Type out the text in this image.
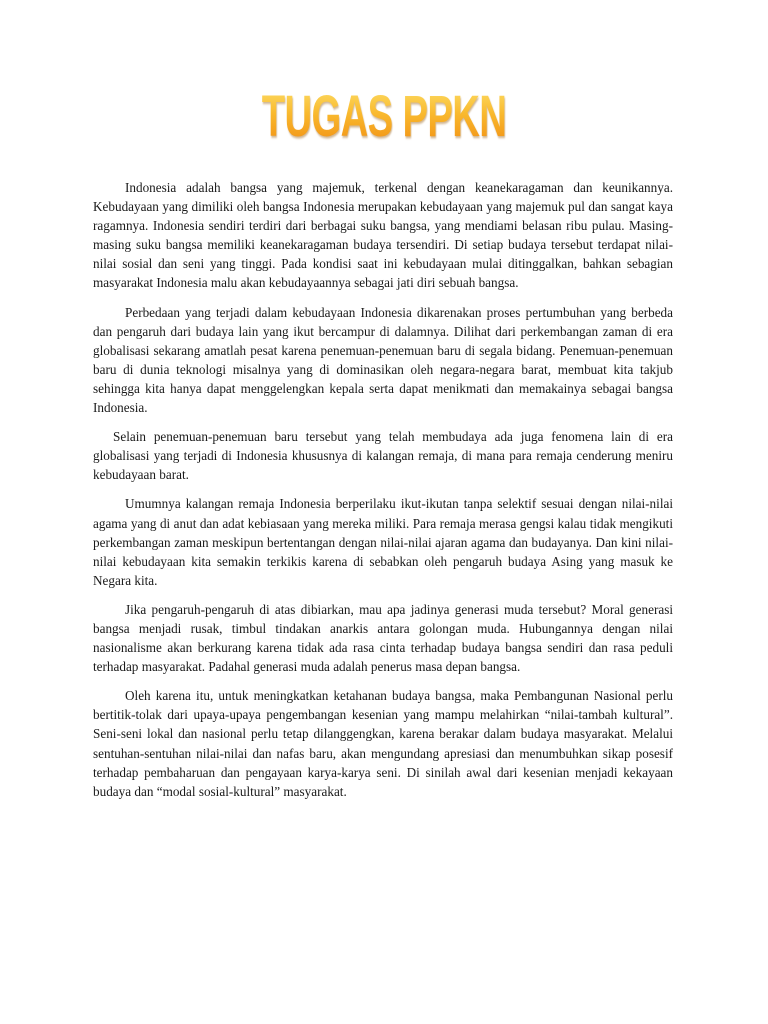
TUGAS PPKN

Indonesia adalah bangsa yang majemuk, terkenal dengan keanekaragaman dan keunikannya. Kebudayaan yang dimiliki oleh bangsa Indonesia merupakan kebudayaan yang majemuk pul dan sangat kaya ragamnya. Indonesia sendiri terdiri dari berbagai suku bangsa, yang mendiami belasan ribu pulau. Masing-masing suku bangsa memiliki keanekaragaman budaya tersendiri. Di setiap budaya tersebut terdapat nilai-nilai sosial dan seni yang tinggi. Pada kondisi saat ini kebudayaan mulai ditinggalkan, bahkan sebagian masyarakat Indonesia malu akan kebudayaannya sebagai jati diri sebuah bangsa.

Perbedaan yang terjadi dalam kebudayaan Indonesia dikarenakan proses pertumbuhan yang berbeda dan pengaruh dari budaya lain yang ikut bercampur di dalamnya. Dilihat dari perkembangan zaman di era globalisasi sekarang amatlah pesat karena penemuan-penemuan baru di segala bidang. Penemuan-penemuan baru di dunia teknologi misalnya yang di dominasikan oleh negara-negara barat, membuat kita takjub sehingga kita hanya dapat menggelengkan kepala serta dapat menikmati dan memakainya sebagai bangsa Indonesia.

Selain penemuan-penemuan baru tersebut yang telah membudaya ada juga fenomena lain di era globalisasi yang terjadi di Indonesia khususnya di kalangan remaja, di mana para remaja cenderung meniru kebudayaan barat.

Umumnya kalangan remaja Indonesia berperilaku ikut-ikutan tanpa selektif sesuai dengan nilai-nilai agama yang di anut dan adat kebiasaan yang mereka miliki. Para remaja merasa gengsi kalau tidak mengikuti perkembangan zaman meskipun bertentangan dengan nilai-nilai ajaran agama dan budayanya. Dan kini nilai-nilai kebudayaan kita semakin terkikis karena di sebabkan oleh pengaruh budaya Asing yang masuk ke Negara kita.

Jika pengaruh-pengaruh di atas dibiarkan, mau apa jadinya generasi muda tersebut? Moral generasi bangsa menjadi rusak, timbul tindakan anarkis antara golongan muda. Hubungannya dengan nilai nasionalisme akan berkurang karena tidak ada rasa cinta terhadap budaya bangsa sendiri dan rasa peduli terhadap masyarakat. Padahal generasi muda adalah penerus masa depan bangsa.

Oleh karena itu, untuk meningkatkan ketahanan budaya bangsa, maka Pembangunan Nasional perlu bertitik-tolak dari upaya-upaya pengembangan kesenian yang mampu melahirkan “nilai-tambah kultural”. Seni-seni lokal dan nasional perlu tetap dilanggengkan, karena berakar dalam budaya masyarakat. Melalui sentuhan-sentuhan nilai-nilai dan nafas baru, akan mengundang apresiasi dan menumbuhkan sikap posesif terhadap pembaharuan dan pengayaan karya-karya seni. Di sinilah awal dari kesenian menjadi kekayaan budaya dan “modal sosial-kultural” masyarakat.
